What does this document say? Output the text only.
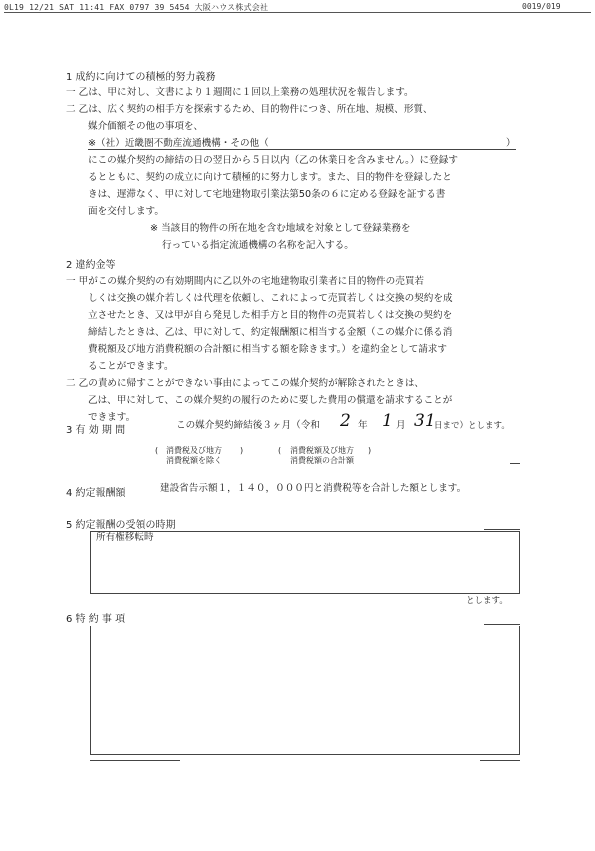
0L19 12/21 SAT 11:41 FAX 0797 39 5454 大阪ハウス株式会社	0019/019
1 成約に向けての積極的努力義務
一 乙は、甲に対し、文書により１週間に１回以上業務の処理状況を報告します。
二 乙は、広く契約の相手方を探索するため、目的物件につき、所在地、規模、形質、
媒介価額その他の事項を、
※（社）近畿圏不動産流通機構・その他（	）
にこの媒介契約の締結の日の翌日から５日以内（乙の休業日を含みません。）に登録す
るとともに、契約の成立に向けて積極的に努力します。また、目的物件を登録したと
きは、遅滞なく、甲に対して宅地建物取引業法第50条の６に定める登録を証する書
面を交付します。
※ 当該目的物件の所在地を含む地域を対象として登録業務を
行っている指定流通機構の名称を記入する。
2 違約金等
一 甲がこの媒介契約の有効期間内に乙以外の宅地建物取引業者に目的物件の売買若
しくは交換の媒介若しくは代理を依頼し、これによって売買若しくは交換の契約を成
立させたとき、又は甲が自ら発見した相手方と目的物件の売買若しくは交換の契約を
締結したときは、乙は、甲に対して、約定報酬額に相当する金額（この媒介に係る消
費税額及び地方消費税額の合計額に相当する額を除きます。）を違約金として請求す
ることができます。
二 乙の責めに帰すことができない事由によってこの媒介契約が解除されたときは、
乙は、甲に対して、この媒介契約の履行のために要した費用の償還を請求することが
できます。
3 有 効 期 間	この媒介契約締結後３ヶ月（令和 2 年 1 月 31
日まで）とします。
( 消費税及び地方
消費税額を除く
)	( 消費税額及び地方
消費税額の合計額
)
4 約定報酬額	建設省告示額１，１４０，０００円と消費税等を合計した額とします。
5 約定報酬の受領の時期
所有権移転時
とします。
6 特 約 事 項
